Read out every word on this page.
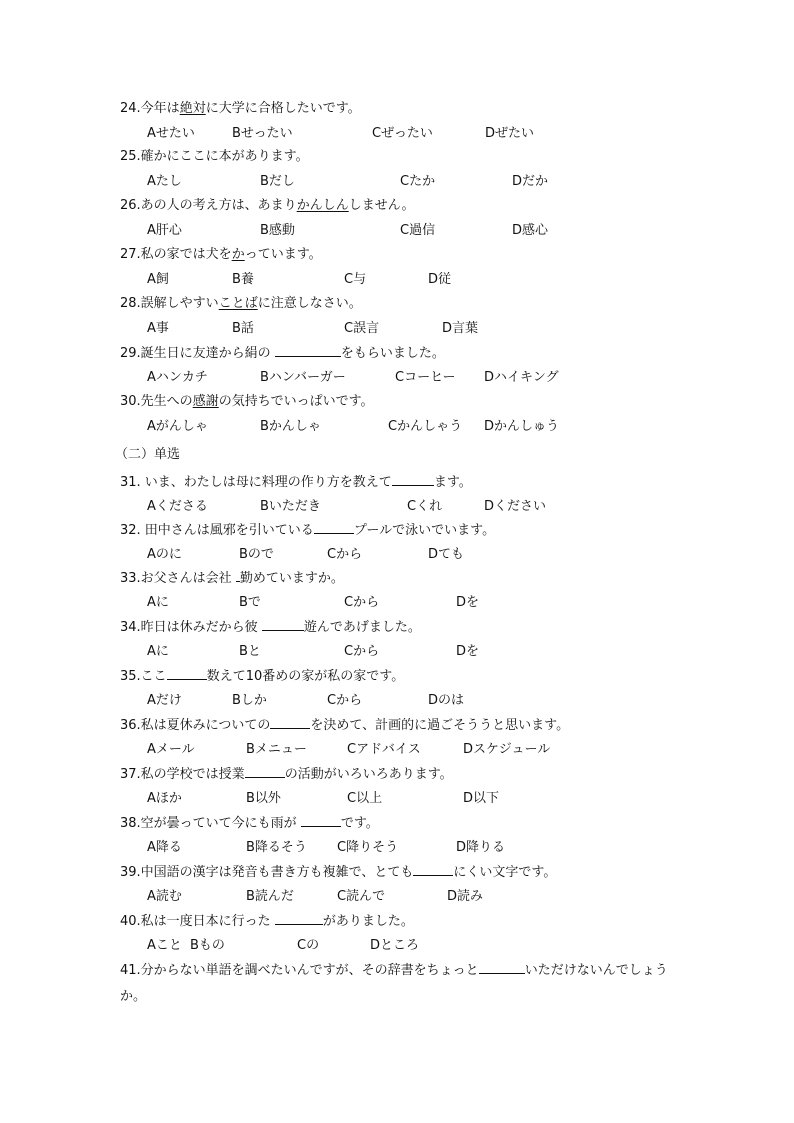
24.今年は絶対に大学に合格したいです。
Aせたい	Bせったい	Cぜったい	Dぜたい
25.確かにここに本があります。
Aたし	Bだし	Cたか	Dだか
26.あの人の考え方は、あまりかんしんしません。
A肝心	B感動	C過信	D感心
27.私の家では犬をかっています。
A飼	B養	C与	D従
28.誤解しやすいことばに注意しなさい。
A事	B話	C誤言	D言葉
29.誕生日に友達から絹の	をもらいました。
Aハンカチ	Bハンバーガー	Cコーヒー Dハイキング
30.先生への感謝の気持ちでいっぱいです。
Aがんしゃ	Bかんしゃ	Cかんしゃう Dかんしゅう
31. いま、わたしは母に料理の作り方を教えて	ます。
Aくださる	Bいただき	Cくれ	Dください
32. 田中さんは風邪を引いている	プールで泳いでいます。
Aのに	Bので	Cから	Dても
33.お父さんは会社 勤めていますか。
Aに	Bで	Cから	Dを
34.昨日は休みだから彼	遊んであげました。
Aに	Bと	Cから	Dを
35.ここ	数えて10番めの家が私の家です。
Aだけ	Bしか	Cから	Dのは
36.私は夏休みについての	を決めて、計画的に過ごそううと思います。
Aメール	Bメニュー	Cアドバイス	Dスケジュール
37.私の学校では授業	の活動がいろいろあります。
Aほか	B以外	C以上	D以下
38.空が曇っていて今にも雨が	です。
A降る	B降るそう C降りそう	D降りる
39.中国語の漢字は発音も書き方も複雑で、とても	にくい文字です。
A読む	B読んだ	C読んで	D読み
40.私は一度日本に行った	がありました。
Aこと Bもの	Cの	Dところ
（二）单选
41.分からない単語を調べたいんですが、その辞書をちょっと	いただけないんでしょうか。
